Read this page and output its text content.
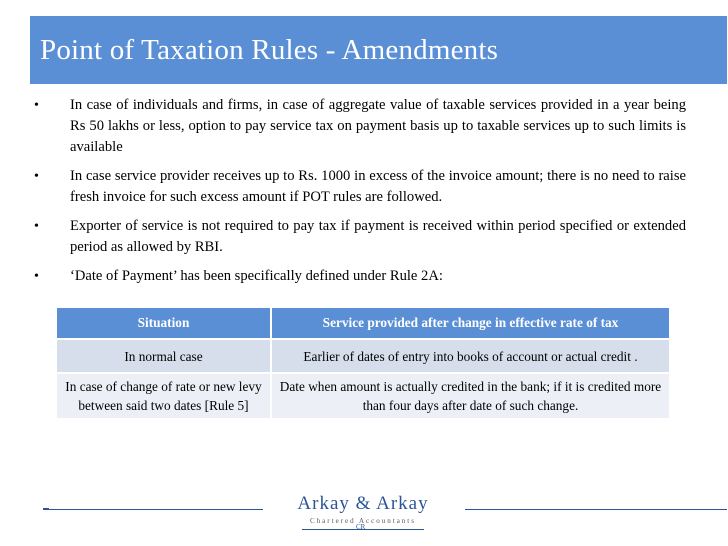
Point of Taxation Rules - Amendments
• In case of individuals and firms, in case of aggregate value of taxable services provided in a year being Rs 50 lakhs or less, option to pay service tax on payment basis up to taxable services up to such limits is available
• In case service provider receives up to Rs. 1000 in excess of the invoice amount; there is no need to raise fresh invoice for such excess amount if POT rules are followed.
• Exporter of service is not required to pay tax if payment is received within period specified or extended period as allowed by RBI.
• ‘Date of Payment’ has been specifically defined under Rule 2A:
Situation	Service provided after change in effective rate of tax
In normal case	Earlier of dates of entry into books of account or actual credit .
In case of change of rate or new levy between said two dates [Rule 5]	Date when amount is actually credited in the bank; if it is credited more than four days after date of such change.
Arkay & Arkay
Chartered Accountants
CR
